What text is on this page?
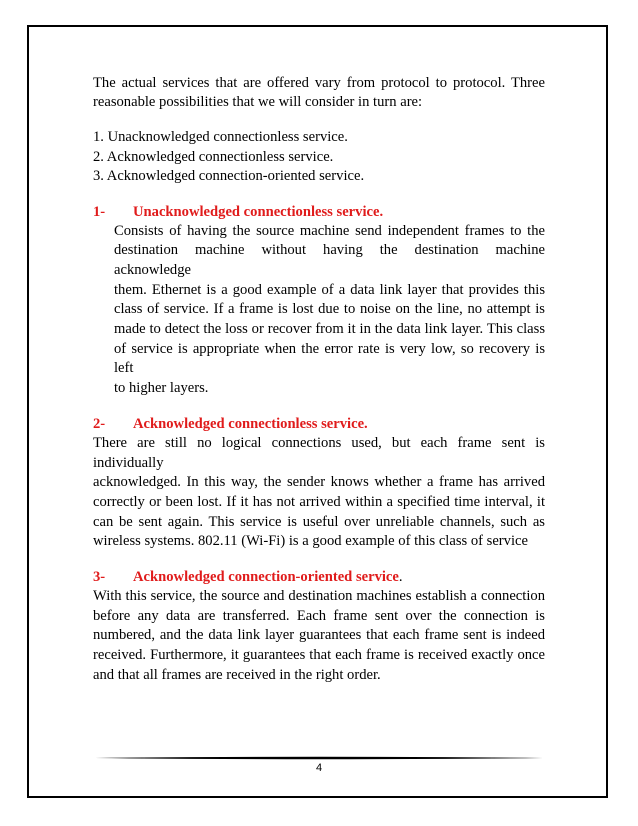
The actual services that are offered vary from protocol to protocol. Three reasonable possibilities that we will consider in turn are:

1. Unacknowledged connectionless service.
2. Acknowledged connectionless service.
3. Acknowledged connection-oriented service.
1-	Unacknowledged connectionless service.
Consists of having the source machine send independent frames to the
destination machine without having the destination machine acknowledge
them. Ethernet is a good example of a data link layer that provides this
class of service. If a frame is lost due to noise on the line, no attempt is
made to detect the loss or recover from it in the data link layer. This class
of service is appropriate when the error rate is very low, so recovery is left
to higher layers.
2-	Acknowledged connectionless service.
There are still no logical connections used, but each frame sent is individually
acknowledged. In this way, the sender knows whether a frame has arrived
correctly or been lost. If it has not arrived within a specified time interval, it
can be sent again. This service is useful over unreliable channels, such as
wireless systems. 802.11 (Wi-Fi) is a good example of this class of service
3-	Acknowledged connection-oriented service.
With this service, the source and destination machines establish a connection
before any data are transferred. Each frame sent over the connection is
numbered, and the data link layer guarantees that each frame sent is indeed
received. Furthermore, it guarantees that each frame is received exactly once
and that all frames are received in the right order.
4
